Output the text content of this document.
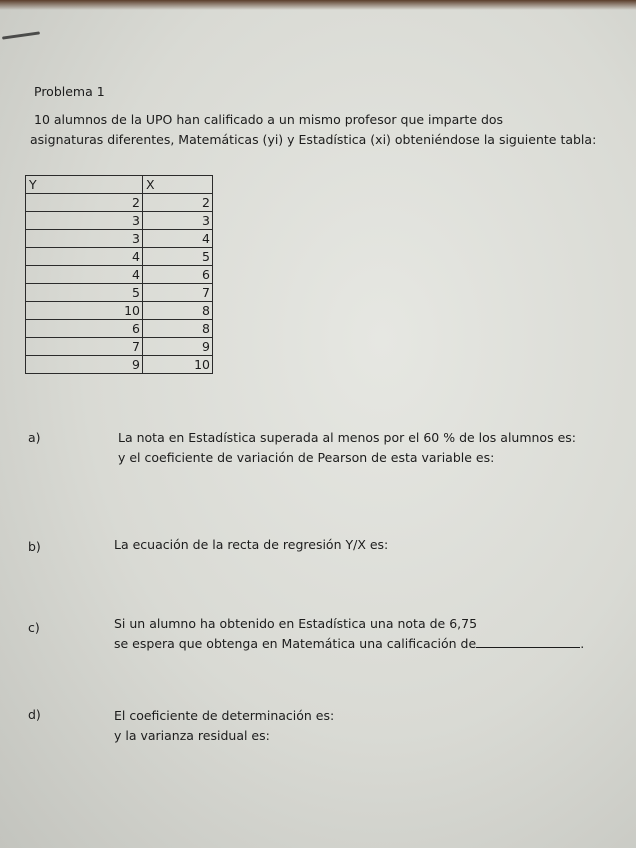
Problema 1
10 alumnos de la UPO han calificado a un mismo profesor que imparte dos
asignaturas diferentes, Matemáticas (yi) y Estadística (xi) obteniéndose la siguiente tabla:
Y	X
2	2
3	3
3	4
4	5
4	6
5	7
10	8
6	8
7	9
9	10
a)	La nota en Estadística superada al menos por el 60 % de los alumnos es:
y el coeficiente de variación de Pearson de esta variable es:
b)	La ecuación de la recta de regresión Y/X es:
c)	Si un alumno ha obtenido en Estadística una nota de 6,75
se espera que obtenga en Matemática una calificación de	.
d)	El coeficiente de determinación es:
y la varianza residual es:
